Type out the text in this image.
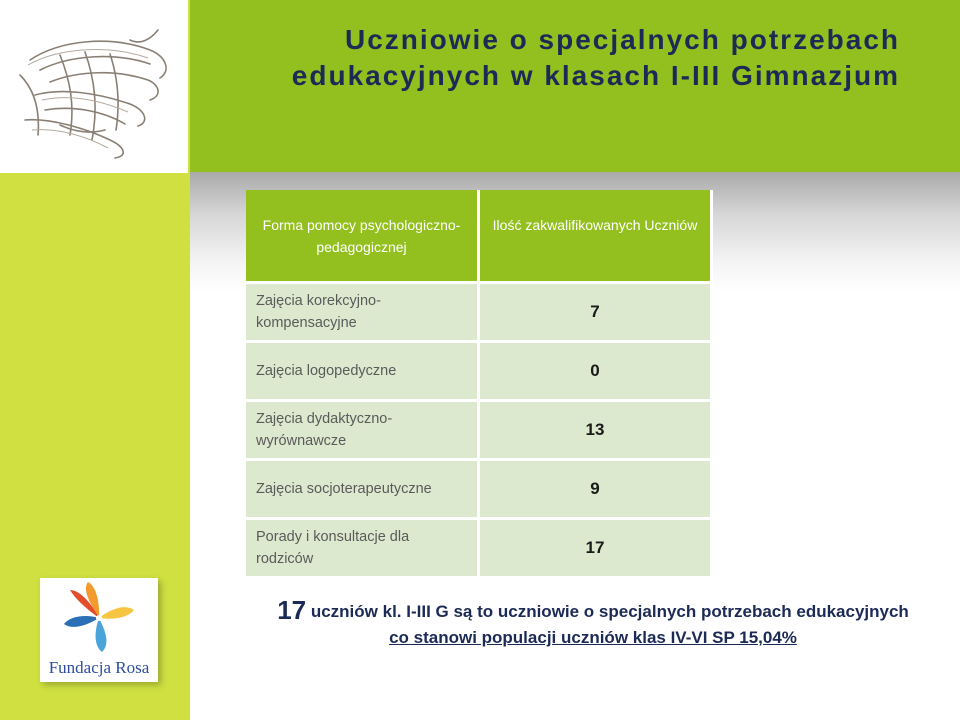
Uczniowie o specjalnych potrzebach
edukacyjnych w klasach I-III Gimnazjum
Forma pomocy psychologiczno-pedagogicznej	Ilość zakwalifikowanych Uczniów
Zajęcia korekcyjno-kompensacyjne	7
Zajęcia logopedyczne	0
Zajęcia dydaktyczno-wyrównawcze	13
Zajęcia socjoterapeutyczne	9
Porady i konsultacje dla rodziców	17
17 uczniów kl. I-III G są to uczniowie o specjalnych potrzebach edukacyjnych
co stanowi populacji uczniów klas IV-VI SP 15,04%
Fundacja Rosa
